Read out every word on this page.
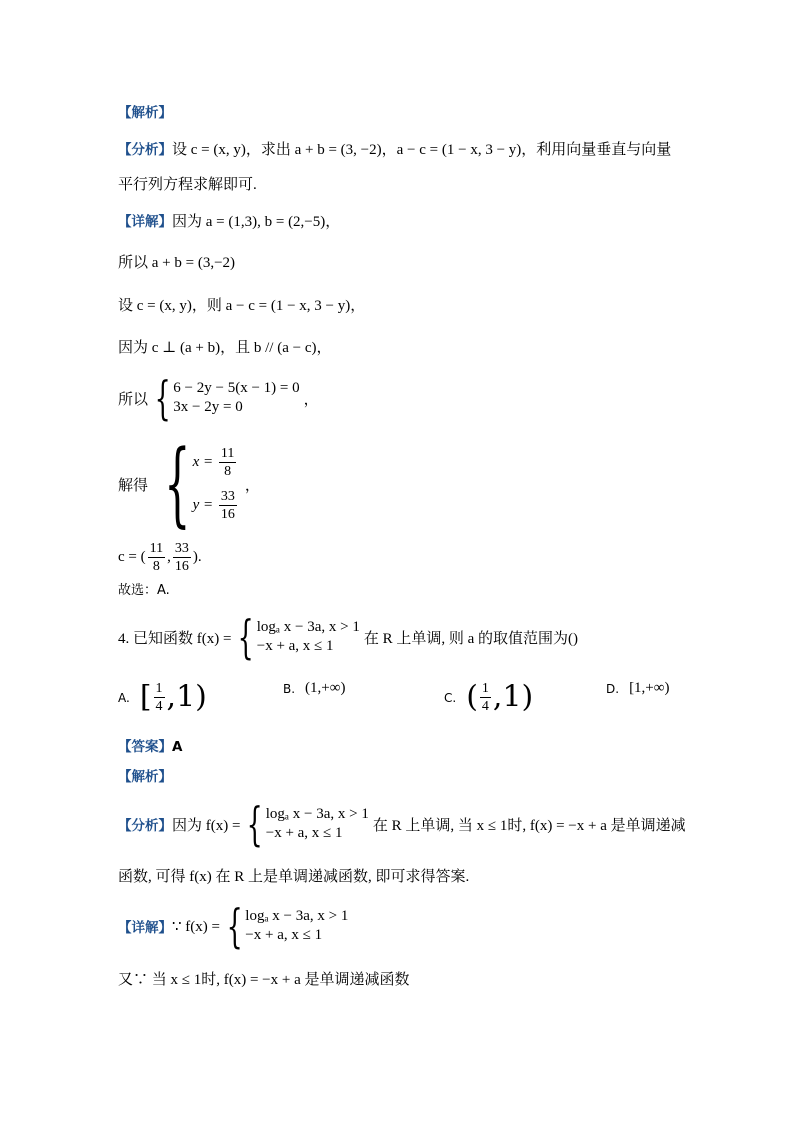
【解析】
【分析】设 c = (x, y)，求出 a + b = (3, −2)，a − c = (1 − x, 3 − y)，利用向量垂直与向量
平行列方程求解即可.
【详解】因为 a = (1,3), b = (2,−5)，
所以 a + b = (3,−2)
设 c = (x, y)，则 a − c = (1 − x, 3 − y)，
因为 c ⊥ (a + b)，且 b // (a − c)，
所以 { 6 − 2y − 5(x − 1) = 0
3x − 2y = 0	，
解得 { $x = \frac{11}{8}$
$y = \frac{33}{16}$
，
c = ( $\frac{11}{8}$ , $\frac{33}{16}$ ).
故选：A.
4. 已知函数 f(x) = { logₐ x − 3a, x > 1
−x + a, x ≤ 1	在 R 上单调, 则 a 的取值范围为()
A. [ $\frac{1}{4} ,1$)	B. (1,+∞)
C. ( $\frac{1}{4} ,1$)	D. [1,+∞)
【答案】A
【解析】
【分析】 因为 f(x) = { logₐ x − 3a, x > 1
−x + a, x ≤ 1	在 R 上单调, 当 x ≤ 1时, f(x) = −x + a 是单调递减
函数, 可得 f(x) 在 R 上是单调递减函数, 即可求得答案.
【详解】 ∵ f(x) = { logₐ x − 3a, x > 1
−x + a, x ≤ 1
又∵ 当 x ≤ 1时, f(x) = −x + a 是单调递减函数
